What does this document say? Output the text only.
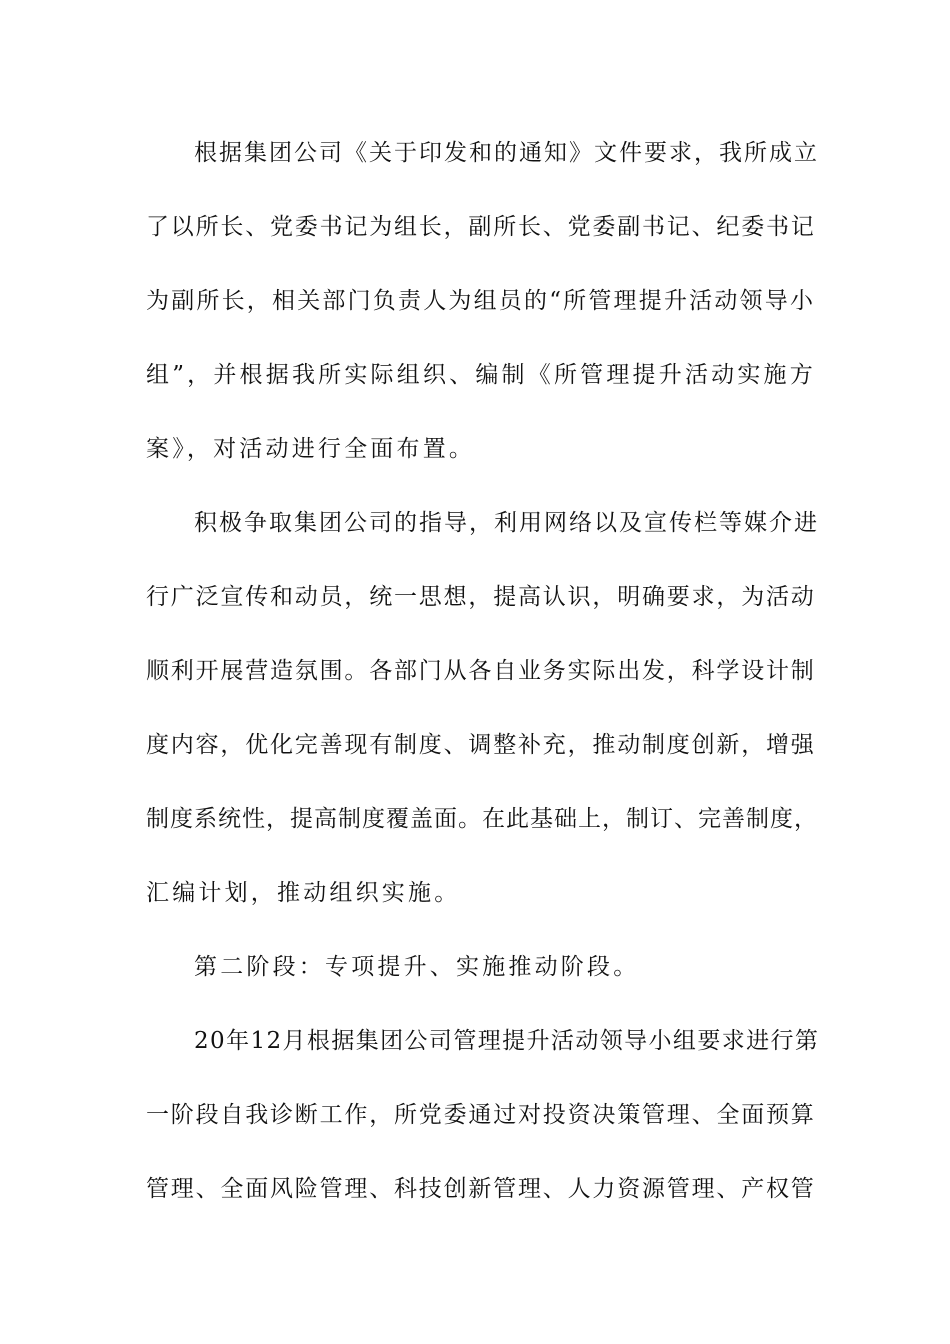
根据集团公司《关于印发和的通知》文件要求，我所成立
了以所长、党委书记为组长，副所长、党委副书记、纪委书记
为副所长，相关部门负责人为组员的“所管理提升活动领导小
组”，并根据我所实际组织、编制《所管理提升活动实施方
案》，对活动进行全面布置。
积极争取集团公司的指导，利用网络以及宣传栏等媒介进
行广泛宣传和动员，统一思想，提高认识，明确要求，为活动
顺利开展营造氛围。各部门从各自业务实际出发，科学设计制
度内容，优化完善现有制度、调整补充，推动制度创新，增强
制度系统性，提高制度覆盖面。在此基础上，制订、完善制度，
汇编计划，推动组织实施。
第二阶段：专项提升、实施推动阶段。
20年12月根据集团公司管理提升活动领导小组要求进行第
一阶段自我诊断工作，所党委通过对投资决策管理、全面预算
管理、全面风险管理、科技创新管理、人力资源管理、产权管
